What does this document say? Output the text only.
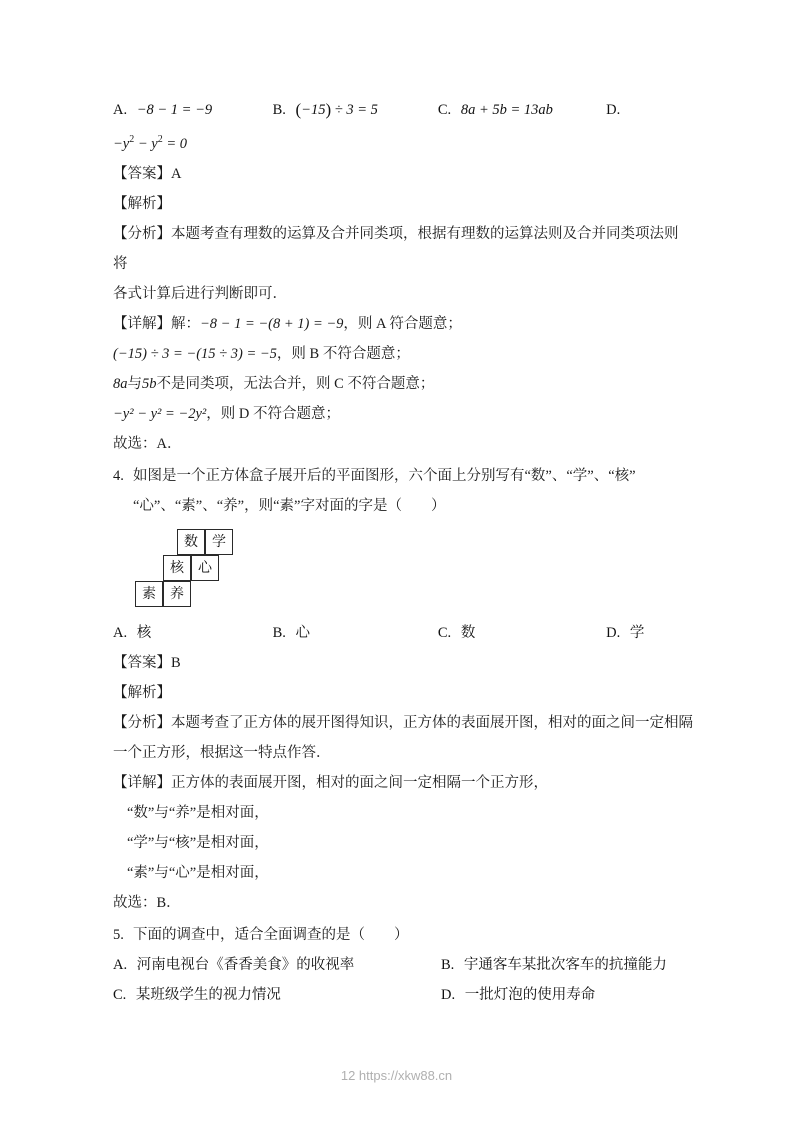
A. −8 − 1 = −9	B. (−15) ÷ 3 = 5	C. 8a + 5b = 13ab	D.
$-y^2 - y^2 = 0$
【答案】A
【解析】
【分析】本题考查有理数的运算及合并同类项，根据有理数的运算法则及合并同类项法则将
各式计算后进行判断即可．
【详解】解：−8 − 1 = −(8 + 1) = −9，则 A 符合题意；
(−15) ÷ 3 = −(15 ÷ 3) = −5，则 B 不符合题意；
8a与5b不是同类项，无法合并，则 C 不符合题意；
−y² − y² = −2y²，则 D 不符合题意；
故选：A．
4. 如图是一个正方体盒子展开后的平面图形，六个面上分别写有“数”、“学”、“核”
“心”、“素”、“养”，则“素”字对面的字是（　　）
数	学
核	心
素	养
A. 核	B. 心	C. 数	D. 学
【答案】B
【解析】
【分析】本题考查了正方体的展开图得知识，正方体的表面展开图，相对的面之间一定相隔
一个正方形，根据这一特点作答．
【详解】正方体的表面展开图，相对的面之间一定相隔一个正方形，
“数”与“养”是相对面，
“学”与“核”是相对面，
“素”与“心”是相对面，
故选：B．
5. 下面的调查中，适合全面调查的是（　　）
A. 河南电视台《香香美食》的收视率	B. 宇通客车某批次客车的抗撞能力
C. 某班级学生的视力情况	D. 一批灯泡的使用寿命
12 https://xkw88.cn
